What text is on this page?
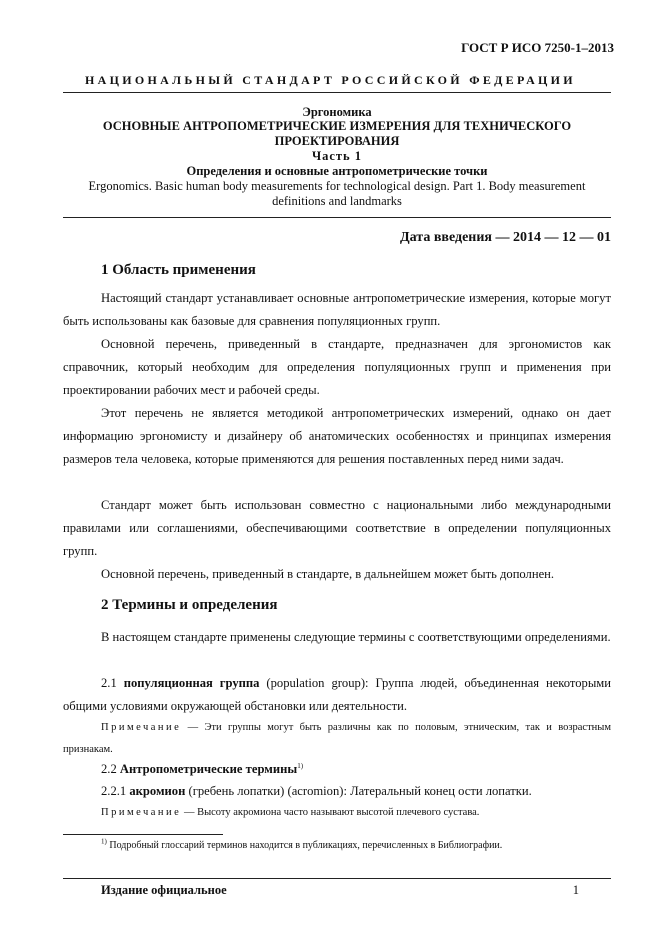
ГОСТ Р ИСО 7250-1–2013
НАЦИОНАЛЬНЫЙ СТАНДАРТ РОССИЙСКОЙ ФЕДЕРАЦИИ
Эргономика
ОСНОВНЫЕ АНТРОПОМЕТРИЧЕСКИЕ ИЗМЕРЕНИЯ ДЛЯ ТЕХНИЧЕСКОГО ПРОЕКТИРОВАНИЯ
Часть 1
Определения и основные антропометрические точки
Ergonomics. Basic human body measurements for technological design. Part 1. Body measurement definitions and landmarks
Дата введения — 2014 — 12 — 01
1 Область применения
Настоящий стандарт устанавливает основные антропометрические измерения, которые могут быть использованы как базовые для сравнения популяционных групп.
Основной перечень, приведенный в стандарте, предназначен для эргономистов как справочник, который необходим для определения популяционных групп и применения при проектировании рабочих мест и рабочей среды.
Этот перечень не является методикой антропометрических измерений, однако он дает информацию эргономисту и дизайнеру об анатомических особенностях и принципах измерения размеров тела человека, которые применяются для решения поставленных перед ними задач.
Стандарт может быть использован совместно с национальными либо международными правилами или соглашениями, обеспечивающими соответствие в определении популяционных групп.
Основной перечень, приведенный в стандарте, в дальнейшем может быть дополнен.
2 Термины и определения
В настоящем стандарте применены следующие термины с соответствующими определениями.
2.1 популяционная группа (population group): Группа людей, объединенная некоторыми общими условиями окружающей обстановки или деятельности.
Примечание — Эти группы могут быть различны как по половым, этническим, так и возрастным признакам.
2.2 Антропометрические термины$^{1)}$
2.2.1 акромион (гребень лопатки) (acromion): Латеральный конец ости лопатки.
Примечание — Высоту акромиона часто называют высотой плечевого сустава.
$^{1)}$ Подробный глоссарий терминов находится в публикациях, перечисленных в Библиографии.
Издание официальное	1
